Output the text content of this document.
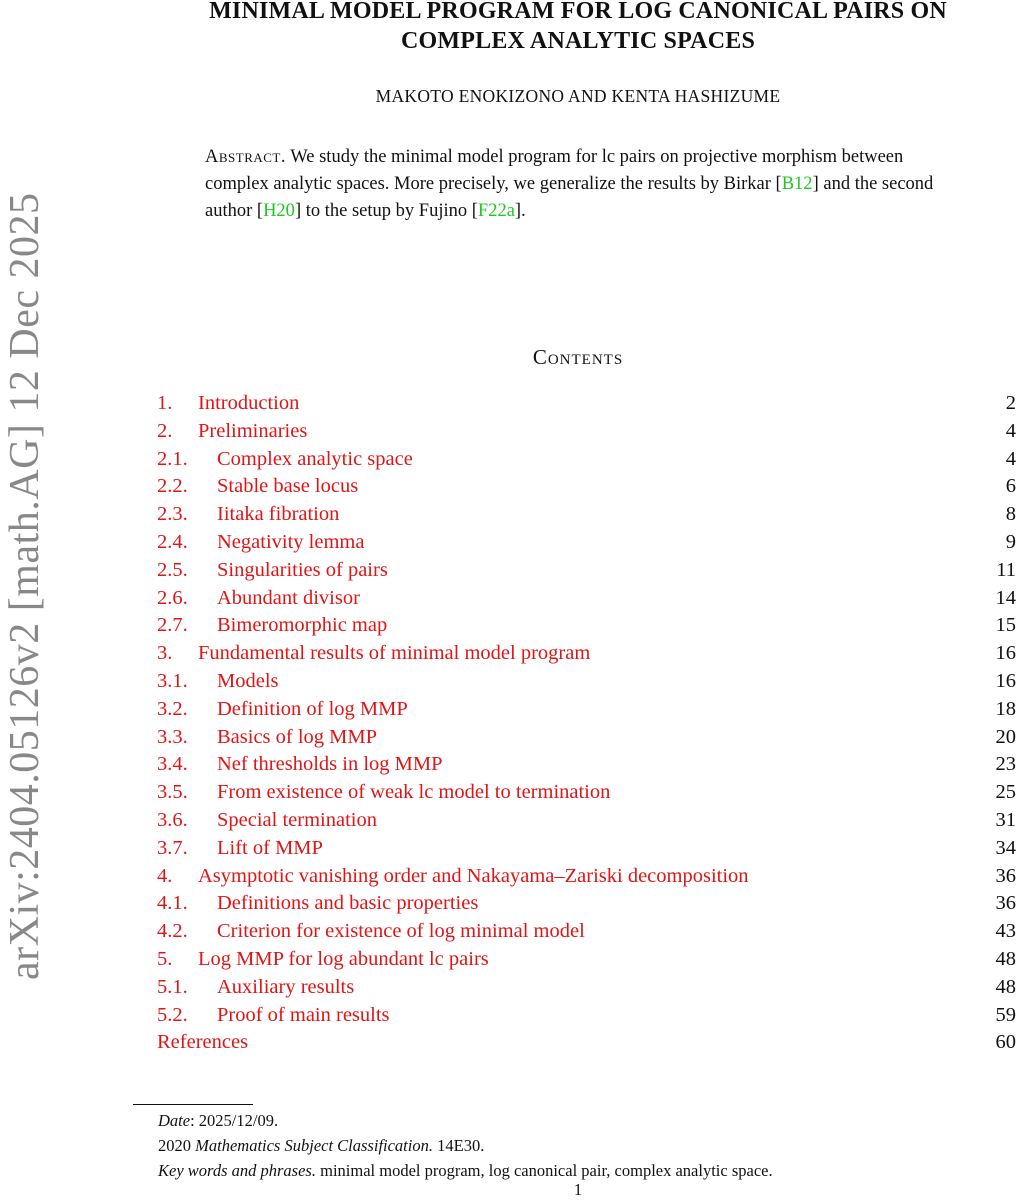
MINIMAL MODEL PROGRAM FOR LOG CANONICAL PAIRS ON
COMPLEX ANALYTIC SPACES
MAKOTO ENOKIZONO AND KENTA HASHIZUME
Abstract. We study the minimal model program for lc pairs on projective morphism between complex analytic spaces. More precisely, we generalize the results by Birkar [B12] and the second author [H20] to the setup by Fujino [F22a].
arXiv:2404.05126v2 [math.AG] 12 Dec 2025	Contents
1. Introduction	2
2. Preliminaries	4
2.1. Complex analytic space	4
2.2. Stable base locus	6
2.3. Iitaka fibration	8
2.4. Negativity lemma	9
2.5. Singularities of pairs	11
2.6. Abundant divisor	14
2.7. Bimeromorphic map	15
3. Fundamental results of minimal model program	16
3.1. Models	16
3.2. Definition of log MMP	18
3.3. Basics of log MMP	20
3.4. Nef thresholds in log MMP	23
3.5. From existence of weak lc model to termination	25
3.6. Special termination	31
3.7. Lift of MMP	34
4. Asymptotic vanishing order and Nakayama–Zariski decomposition	36
4.1. Definitions and basic properties	36
4.2. Criterion for existence of log minimal model	43
5. Log MMP for log abundant lc pairs	48
5.1. Auxiliary results	48
5.2. Proof of main results	59
References	60
Date: 2025/12/09.
2020 Mathematics Subject Classification. 14E30.
Key words and phrases. minimal model program, log canonical pair, complex analytic space.
1
